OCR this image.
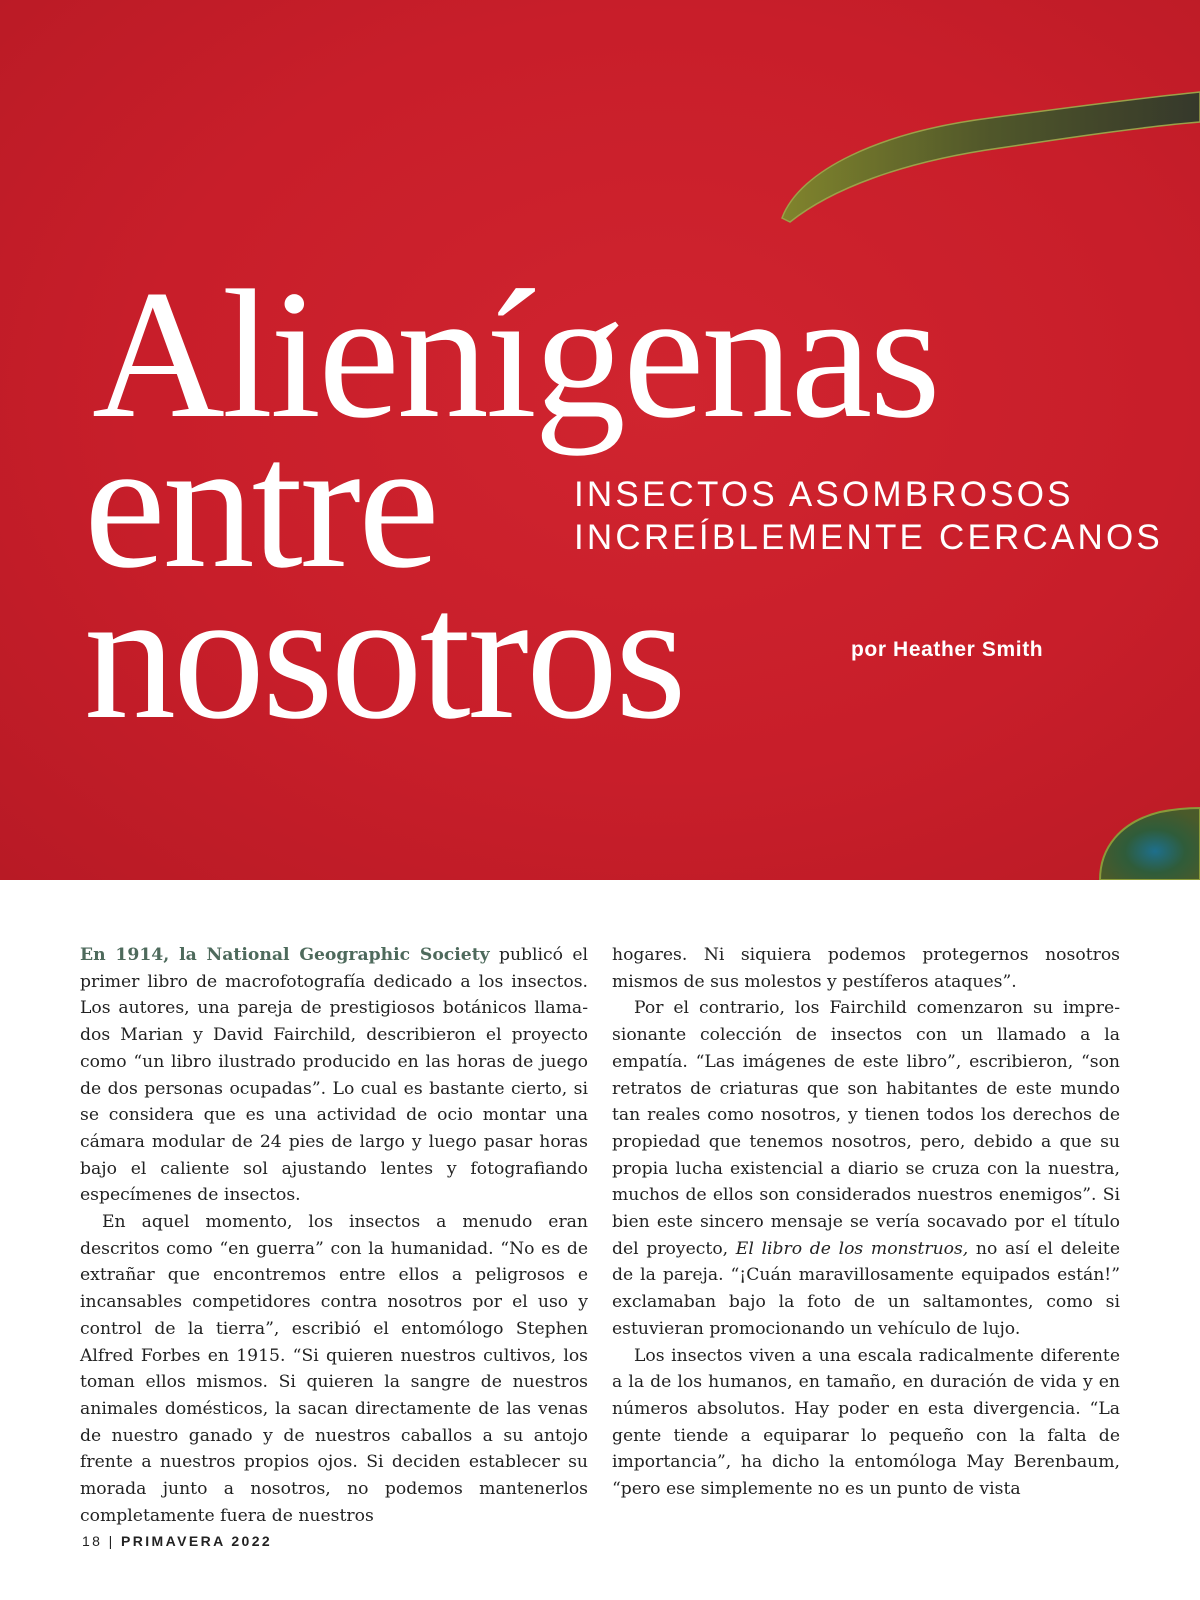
Alienígenas
entre
nosotros
INSECTOS ASOMBROSOS
INCREÍBLEMENTE CERCANOS
por Heather Smith

En 1914, la National Geographic Society publicó el primer libro de macrofotografía dedicado a los insectos. Los autores, una pareja de prestigiosos botánicos llamados Marian y David Fairchild, describieron el proyecto como “un libro ilustrado producido en las horas de juego de dos personas ocupadas”. Lo cual es bastante cierto, si se considera que es una actividad de ocio montar una cámara modular de 24 pies de largo y luego pasar horas bajo el caliente sol ajustando lentes y fotografiando especímenes de insectos.

En aquel momento, los insectos a menudo eran descritos como “en guerra” con la humanidad. “No es de extrañar que encontremos entre ellos a peligrosos e incansables competidores contra nosotros por el uso y control de la tierra”, escribió el entomólogo Stephen Alfred Forbes en 1915. “Si quieren nuestros cultivos, los toman ellos mismos. Si quieren la sangre de nuestros animales domésticos, la sacan directamente de las venas de nuestro ganado y de nuestros caballos a su antojo frente a nuestros propios ojos. Si deciden establecer su morada junto a nosotros, no podemos mantenerlos completamente fuera de nuestros

hogares. Ni siquiera podemos protegernos nosotros mismos de sus molestos y pestíferos ataques”.

Por el contrario, los Fairchild comenzaron su impresionante colección de insectos con un llamado a la empatía. “Las imágenes de este libro”, escribieron, “son retratos de criaturas que son habitantes de este mundo tan reales como nosotros, y tienen todos los derechos de propiedad que tenemos nosotros, pero, debido a que su propia lucha existencial a diario se cruza con la nuestra, muchos de ellos son considerados nuestros enemigos”. Si bien este sincero mensaje se vería socavado por el título del proyecto, El libro de los monstruos, no así el deleite de la pareja. “¡Cuán maravillosamente equipados están!” exclamaban bajo la foto de un saltamontes, como si estuvieran promocionando un vehículo de lujo.

Los insectos viven a una escala radicalmente diferente a la de los humanos, en tamaño, en duración de vida y en números absolutos. Hay poder en esta divergencia. “La gente tiende a equiparar lo pequeño con la falta de importancia”, ha dicho la entomóloga May Berenbaum, “pero ese simplemente no es un punto de vista

18 | PRIMAVERA 2022
